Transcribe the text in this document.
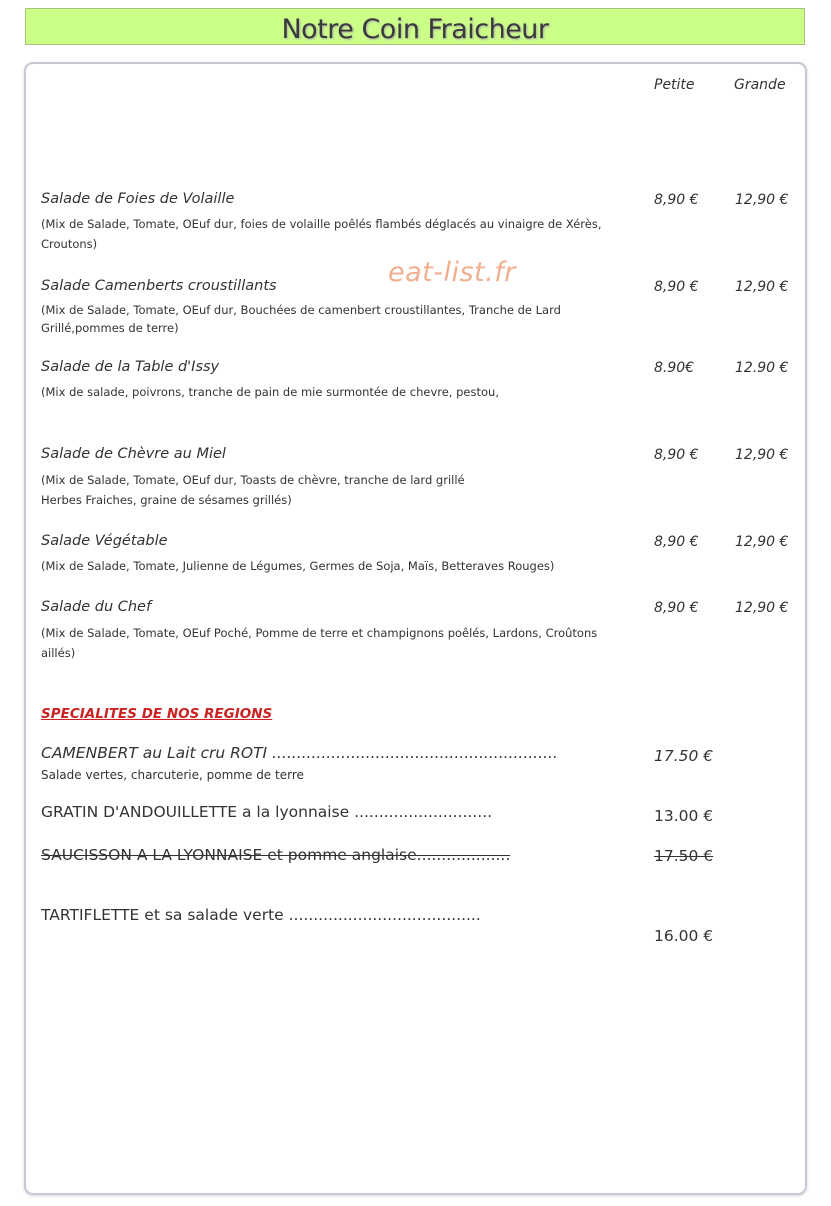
Notre Coin Fraicheur
Petite	Grande
Salade de Foies de Volaille
(Mix de Salade, Tomate, OEuf dur, foies de volaille poêlés flambés déglacés au vinaigre de Xérès, Croutons)
8,90 €	12,90 €
Salade Camenberts croustillants
(Mix de Salade, Tomate, OEuf dur, Bouchées de camenbert croustillantes, Tranche de Lard Grillé,pommes de terre)
8,90 €	12,90 €
eat-list.fr
Salade de la Table d'Issy
(Mix de salade, poivrons, tranche de pain de mie surmontée de chevre, pestou,
8.90€	12.90 €
Salade de Chèvre au Miel
(Mix de Salade, Tomate, OEuf dur, Toasts de chèvre, tranche de lard grillé
Herbes Fraiches, graine de sésames grillés)
8,90 €	12,90 €
Salade Végétable
(Mix de Salade, Tomate, Julienne de Légumes, Germes de Soja, Maïs, Betteraves Rouges)
8,90 €	12,90 €
Salade du Chef
(Mix de Salade, Tomate, OEuf Poché, Pomme de terre et champignons poêlés, Lardons, Croûtons aillés)
8,90 €	12,90 €
SPECIALITES DE NOS REGIONS
CAMENBERT au Lait cru ROTI ..........................................................
Salade vertes, charcuterie, pomme de terre
17.50 €
GRATIN D'ANDOUILLETTE a la lyonnaise ............................	13.00 €
SAUCISSON A LA LYONNAISE et pomme anglaise...................	17.50 €
TARTIFLETTE et sa salade verte .......................................
16.00 €
